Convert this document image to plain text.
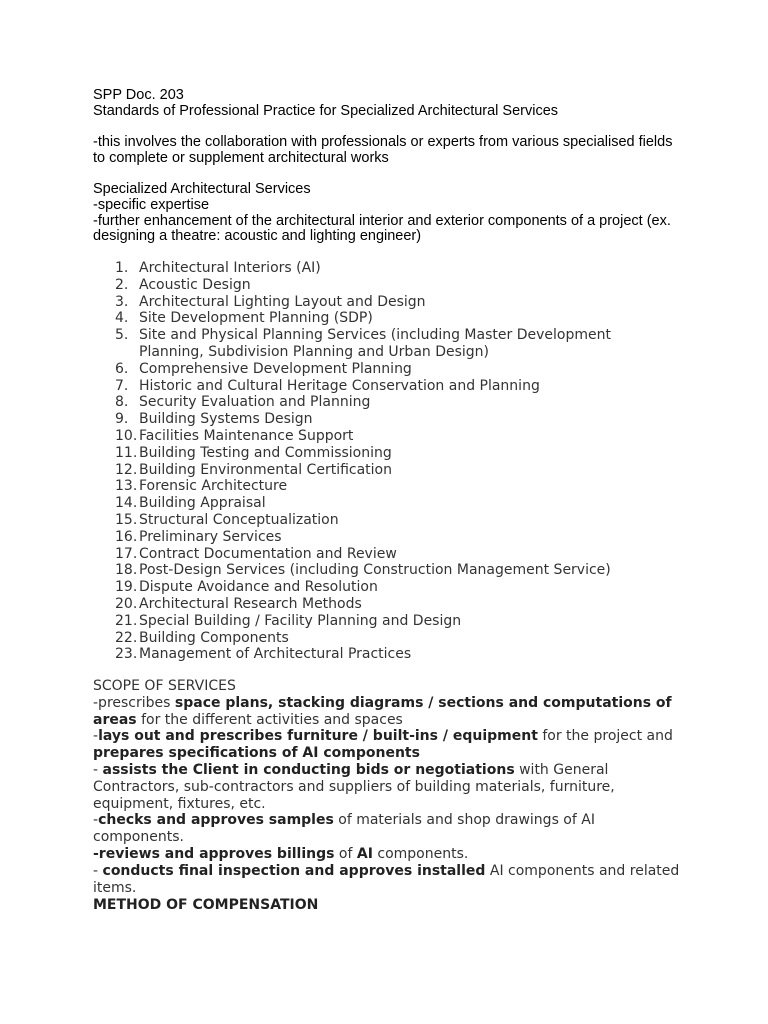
SPP Doc. 203
Standards of Professional Practice for Specialized Architectural Services
-this involves the collaboration with professionals or experts from various specialised fields
to complete or supplement architectural works
Specialized Architectural Services
-specific expertise
-further enhancement of the architectural interior and exterior components of a project (ex.
designing a theatre: acoustic and lighting engineer)
1. Architectural Interiors (AI)
2. Acoustic Design
3. Architectural Lighting Layout and Design
4. Site Development Planning (SDP)
5. Site and Physical Planning Services (including Master Development Planning, Subdivision Planning and Urban Design)
6. Comprehensive Development Planning
7. Historic and Cultural Heritage Conservation and Planning
8. Security Evaluation and Planning
9. Building Systems Design
10. Facilities Maintenance Support
11. Building Testing and Commissioning
12. Building Environmental Certification
13. Forensic Architecture
14. Building Appraisal
15. Structural Conceptualization
16. Preliminary Services
17. Contract Documentation and Review
18. Post-Design Services (including Construction Management Service)
19. Dispute Avoidance and Resolution
20. Architectural Research Methods
21. Special Building / Facility Planning and Design
22. Building Components
23. Management of Architectural Practices
SCOPE OF SERVICES
-prescribes space plans, stacking diagrams / sections and computations of areas for the different activities and spaces
-lays out and prescribes furniture / built-ins / equipment for the project and prepares specifications of AI components
- assists the Client in conducting bids or negotiations with General Contractors, sub-contractors and suppliers of building materials, furniture, equipment, fixtures, etc.
-checks and approves samples of materials and shop drawings of AI components.
-reviews and approves billings of AI components.
- conducts final inspection and approves installed AI components and related items.
METHOD OF COMPENSATION
